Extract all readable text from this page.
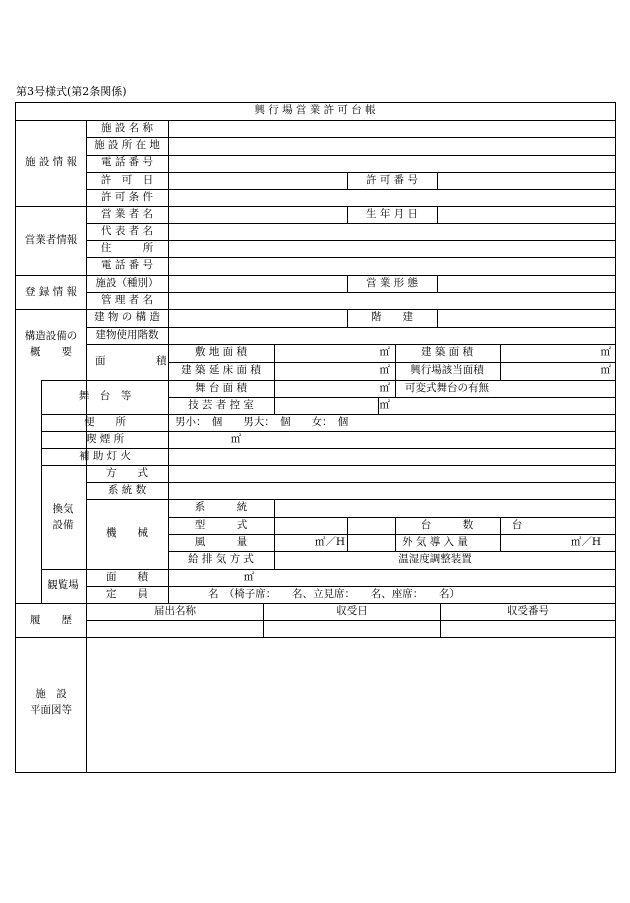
第3号様式(第2条関係)
興 行 場 営 業 許 可 台 帳
施 設 情 報
施 設 名 称
施 設 所 在 地
電 話 番 号
許　可　日	許 可 番 号
許 可 条 件
営業者情報
営 業 者 名	生 年 月 日
代 表 者 名
住　　　所
電 話 番 号
登 録 情 報
施設（種別）	営 業 形 態
管 理 者 名
構造設備の
概　　要
建 物 の 構 造	階　　建
建物使用階数
面	積
敷 地 面 積	㎡	建 築 面 積	㎡
建 築 延 床 面 積	㎡ 興行場該当面積	㎡
舞　台　等
舞 台 面 積	㎡ 可変式舞台の有無
技 芸 者 控 室	㎡
便　　所	男小：　個　　男大：　個　　女：　個
喫 煙 所	㎡
補 助 灯 火
換気
設備
方　　式
系 統 数
機　　械
系　　　統
型　　　式	台　　　数	台
風　　　量	㎥／H	外 気 導 入 量	㎥／H
給 排 気 方 式	温湿度調整装置
観覧場
面　　積	㎡
定　　員	名　（椅子席：　　名、立見席：　　名、座席：　　名）
履　　歴
届出名称	収受日	収受番号
施　設
平面図等
